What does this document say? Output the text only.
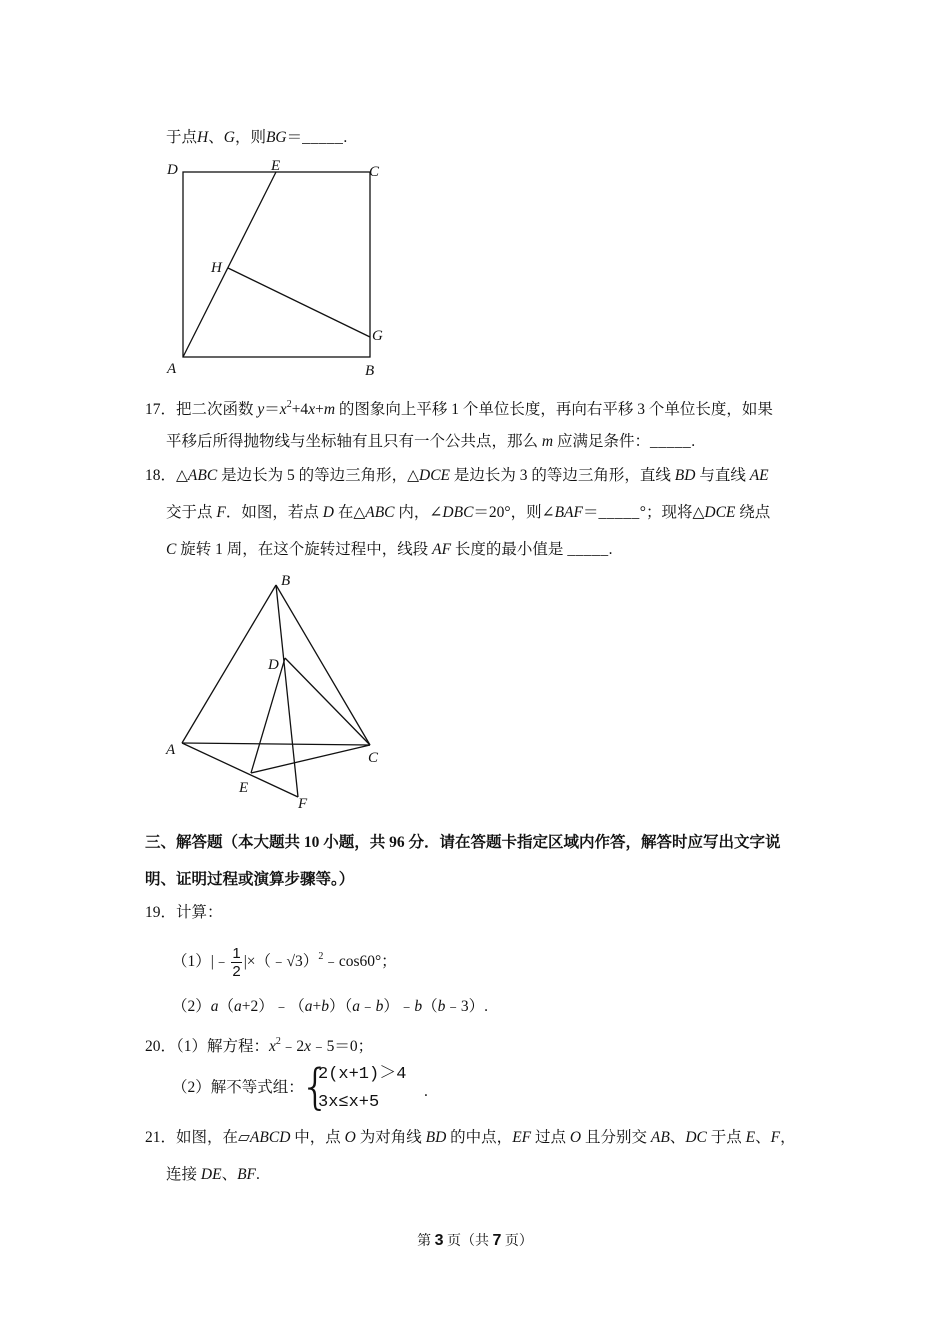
于点H、G，则BG＝_____.
D	E	C
H
G
A	B
B
D
A	C
E
F
17．把二次函数 $y=x^2+4x+m$ 的图象向上平移 1 个单位长度，再向右平移 3 个单位长度，如果
平移后所得抛物线与坐标轴有且只有一个公共点，那么 m 应满足条件：_____.
18．△ABC 是边长为 5 的等边三角形，△DCE 是边长为 3 的等边三角形，直线 BD 与直线 AE
交于点 F．如图，若点 D 在△ABC 内，∠DBC＝20°，则∠BAF＝_____°；现将△DCE 绕点
C 旋转 1 周，在这个旋转过程中，线段 AF 长度的最小值是 _____.
三、解答题（本大题共 10 小题，共 96 分．请在答题卡指定区域内作答，解答时应写出文字说
明、证明过程或演算步骤等。）
19．计算：
（1）|﹣ $\frac{1}{2}$ |×（﹣√3）$^2$﹣cos60°；
（2）a（a+2）﹣（a+b）（a﹣b）﹣b（b﹣3）.
20．（1）解方程：$x^2﹣2x﹣5=0$；
（2）解不等式组：
{
2(x+1)＞4
3x≤x+5
.
21．如图，在▱ABCD 中，点 O 为对角线 BD 的中点，EF 过点 O 且分别交 AB、DC 于点 E、F，
连接 DE、BF.
第 3 页（共 7 页）
